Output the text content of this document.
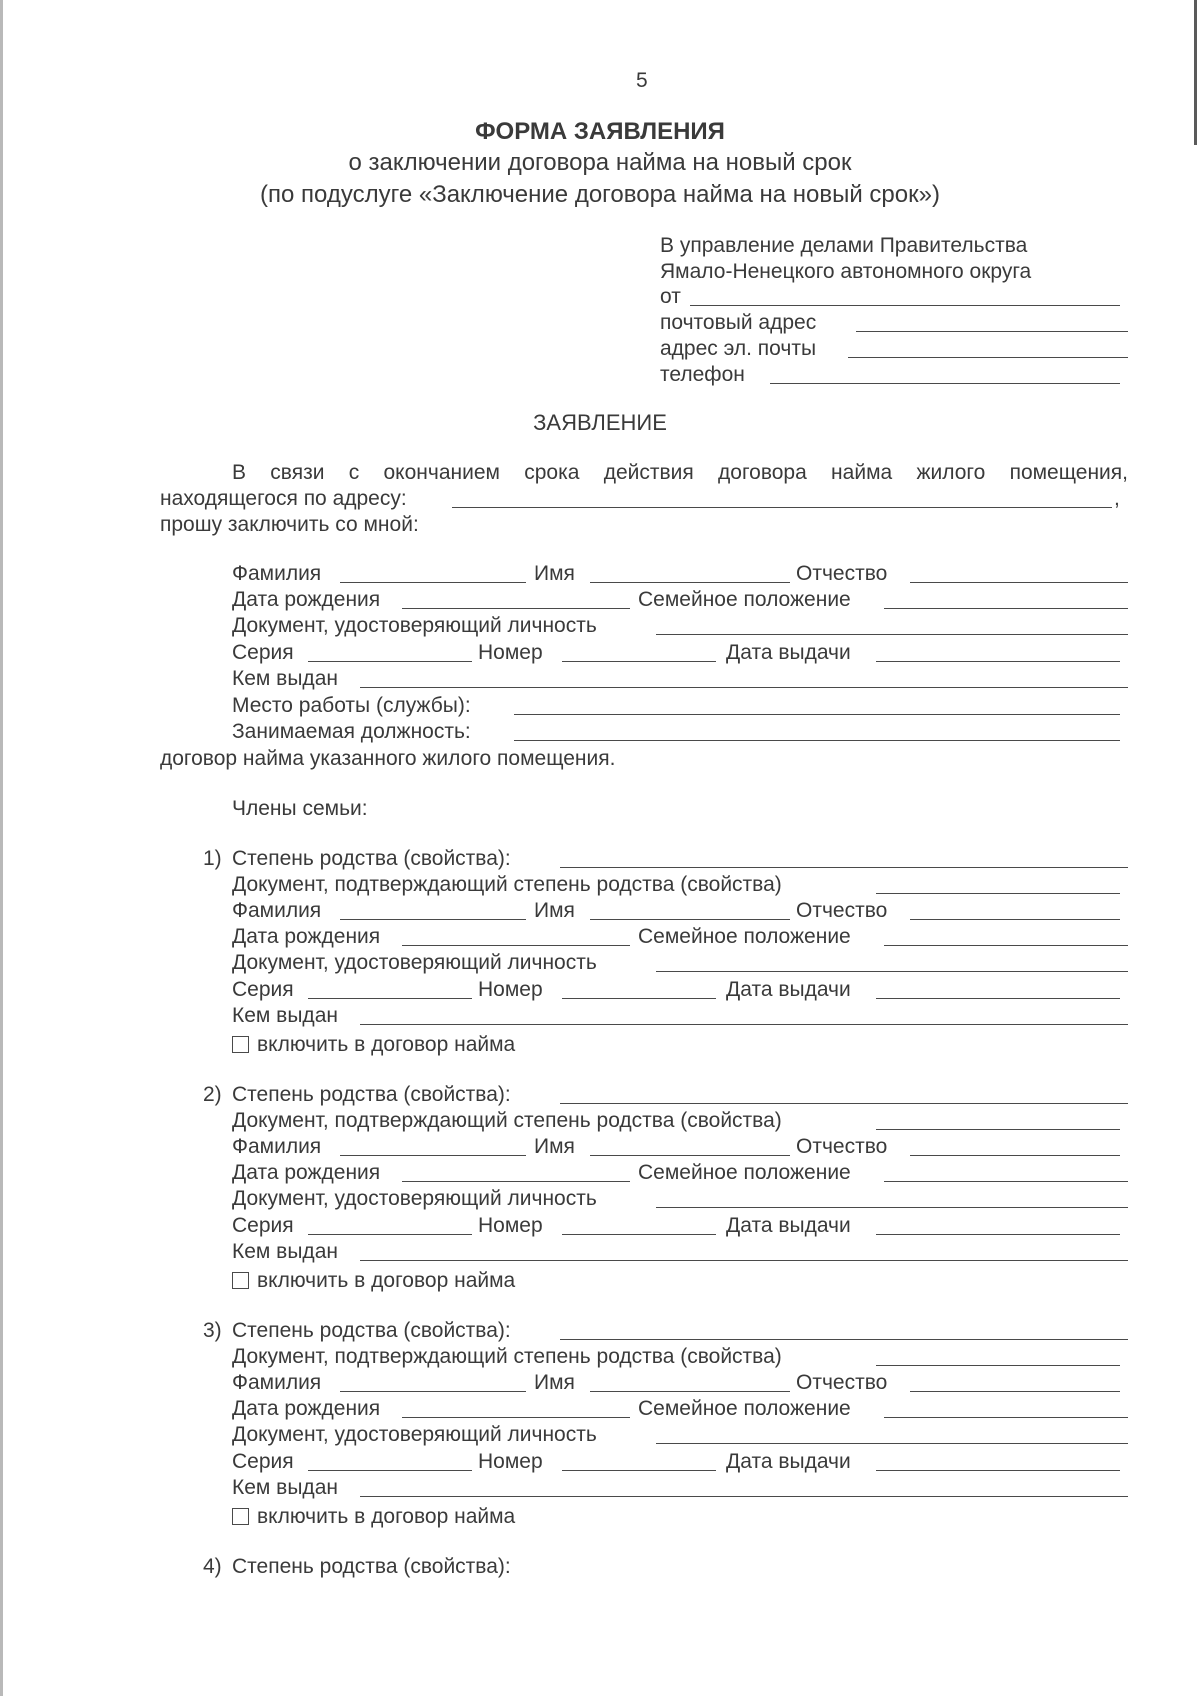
5
ФОРМА ЗАЯВЛЕНИЯ
о заключении договора найма на новый срок
(по подуслуге «Заключение договора найма на новый срок»)
В управление делами Правительства
Ямало-Ненецкого автономного округа
от
почтовый адрес
адрес эл. почты
телефон
ЗАЯВЛЕНИЕ
В связи с окончанием срока действия договора найма жилого помещения,
находящегося по адресу:	,
прошу заключить со мной:
Фамилия	Имя	Отчество
Дата рождения	Семейное положение
Документ, удостоверяющий личность
Серия	Номер	Дата выдачи
Кем выдан
Место работы (службы):
Занимаемая должность:
договор найма указанного жилого помещения.
Члены семьи:
1) Степень родства (свойства):
Документ, подтверждающий степень родства (свойства)
Фамилия	Имя	Отчество
Дата рождения	Семейное положение
Документ, удостоверяющий личность
Серия	Номер	Дата выдачи
Кем выдан
включить в договор найма
2) Степень родства (свойства):
Документ, подтверждающий степень родства (свойства)
Фамилия	Имя	Отчество
Дата рождения	Семейное положение
Документ, удостоверяющий личность
Серия	Номер	Дата выдачи
Кем выдан
включить в договор найма
3) Степень родства (свойства):
Документ, подтверждающий степень родства (свойства)
Фамилия	Имя	Отчество
Дата рождения	Семейное положение
Документ, удостоверяющий личность
Серия	Номер	Дата выдачи
Кем выдан
включить в договор найма
4) Степень родства (свойства):
